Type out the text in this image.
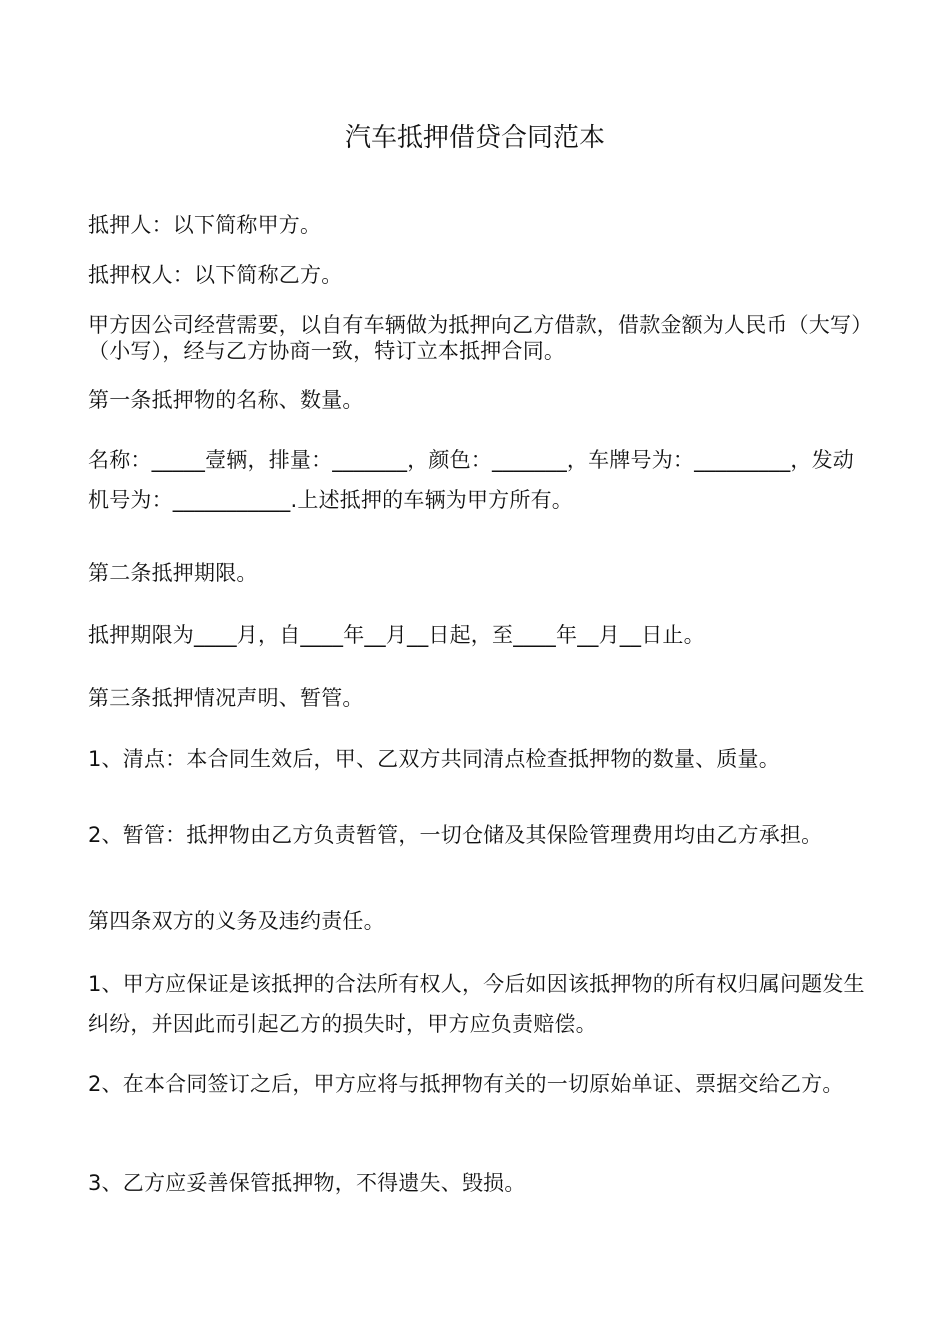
汽车抵押借贷合同范本

抵押人：以下简称甲方。

抵押权人：以下简称乙方。

甲方因公司经营需要，以自有车辆做为抵押向乙方借款，借款金额为人民币（大写）（小写），经与乙方协商一致，特订立本抵押合同。

第一条抵押物的名称、数量。

名称：_____壹辆，排量：_______，颜色：_______，车牌号为：_________，发动机号为：___________.上述抵押的车辆为甲方所有。

第二条抵押期限。

抵押期限为____月，自____年__月__日起，至____年__月__日止。

第三条抵押情况声明、暂管。

1、清点：本合同生效后，甲、乙双方共同清点检查抵押物的数量、质量。

2、暂管：抵押物由乙方负责暂管，一切仓储及其保险管理费用均由乙方承担。

第四条双方的义务及违约责任。

1、甲方应保证是该抵押的合法所有权人，今后如因该抵押物的所有权归属问题发生纠纷，并因此而引起乙方的损失时，甲方应负责赔偿。

2、在本合同签订之后，甲方应将与抵押物有关的一切原始单证、票据交给乙方。

3、乙方应妥善保管抵押物，不得遗失、毁损。
